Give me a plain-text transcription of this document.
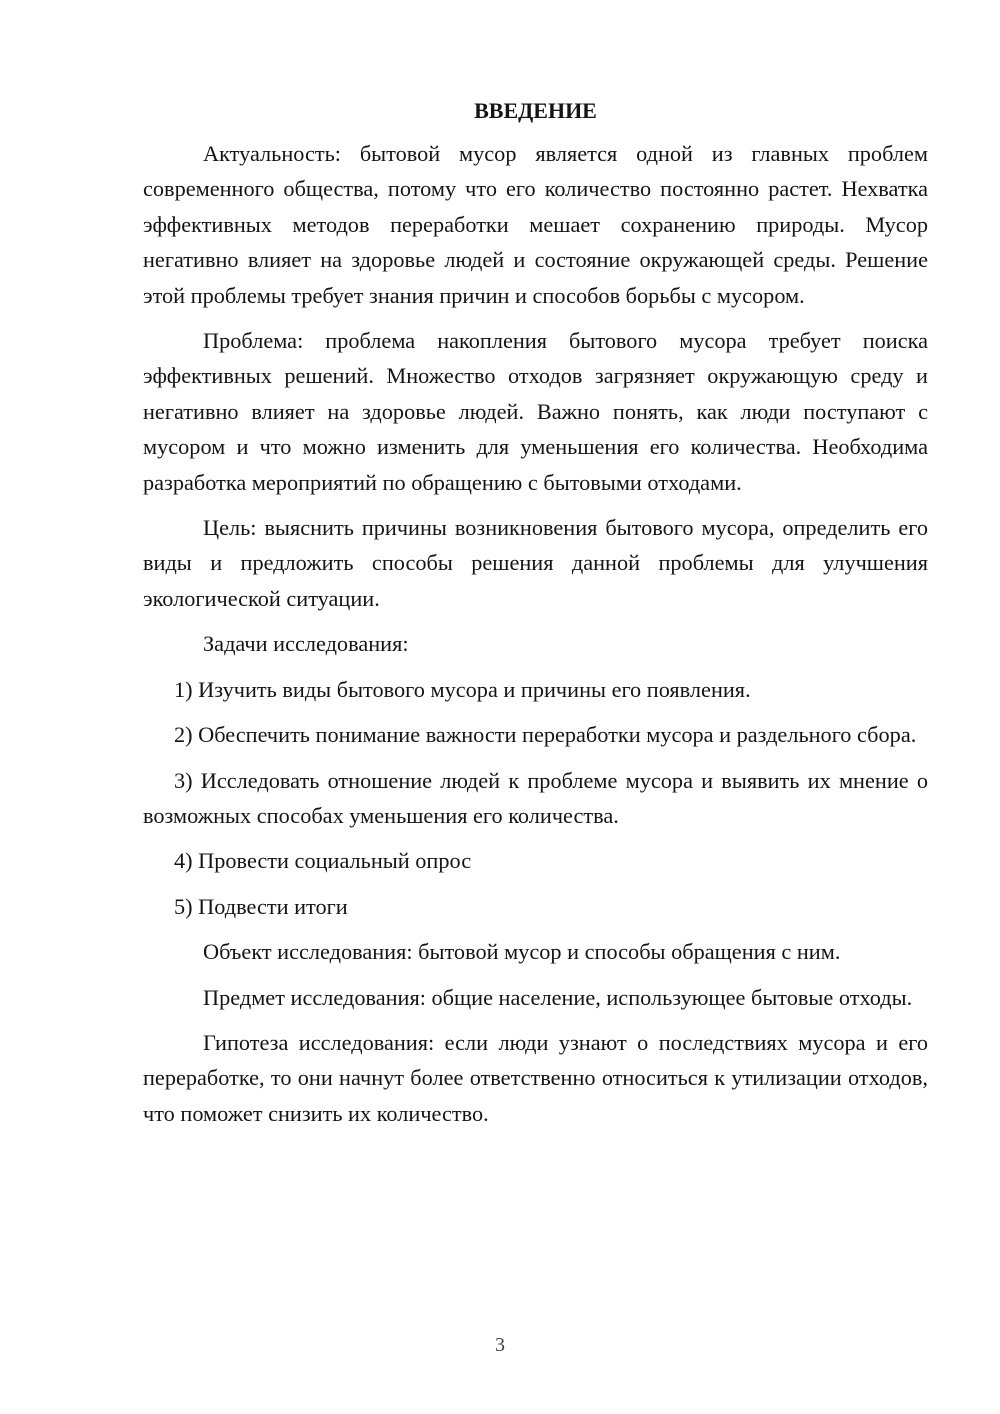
ВВЕДЕНИЕ

Актуальность: бытовой мусор является одной из главных проблем современного общества, потому что его количество постоянно растет. Нехватка эффективных методов переработки мешает сохранению природы. Мусор негативно влияет на здоровье людей и состояние окружающей среды. Решение этой проблемы требует знания причин и способов борьбы с мусором.

Проблема: проблема накопления бытового мусора требует поиска эффективных решений. Множество отходов загрязняет окружающую среду и негативно влияет на здоровье людей. Важно понять, как люди поступают с мусором и что можно изменить для уменьшения его количества. Необходима разработка мероприятий по обращению с бытовыми отходами.

Цель: выяснить причины возникновения бытового мусора, определить его виды и предложить способы решения данной проблемы для улучшения экологической ситуации.

Задачи исследования:

1) Изучить виды бытового мусора и причины его появления.

2) Обеспечить понимание важности переработки мусора и раздельного сбора.

3) Исследовать отношение людей к проблеме мусора и выявить их мнение о возможных способах уменьшения его количества.

4) Провести социальный опрос

5) Подвести итоги

Объект исследования: бытовой мусор и способы обращения с ним.

Предмет исследования: общие население, использующее бытовые отходы.

Гипотеза исследования: если люди узнают о последствиях мусора и его переработке, то они начнут более ответственно относиться к утилизации отходов, что поможет снизить их количество.

3
